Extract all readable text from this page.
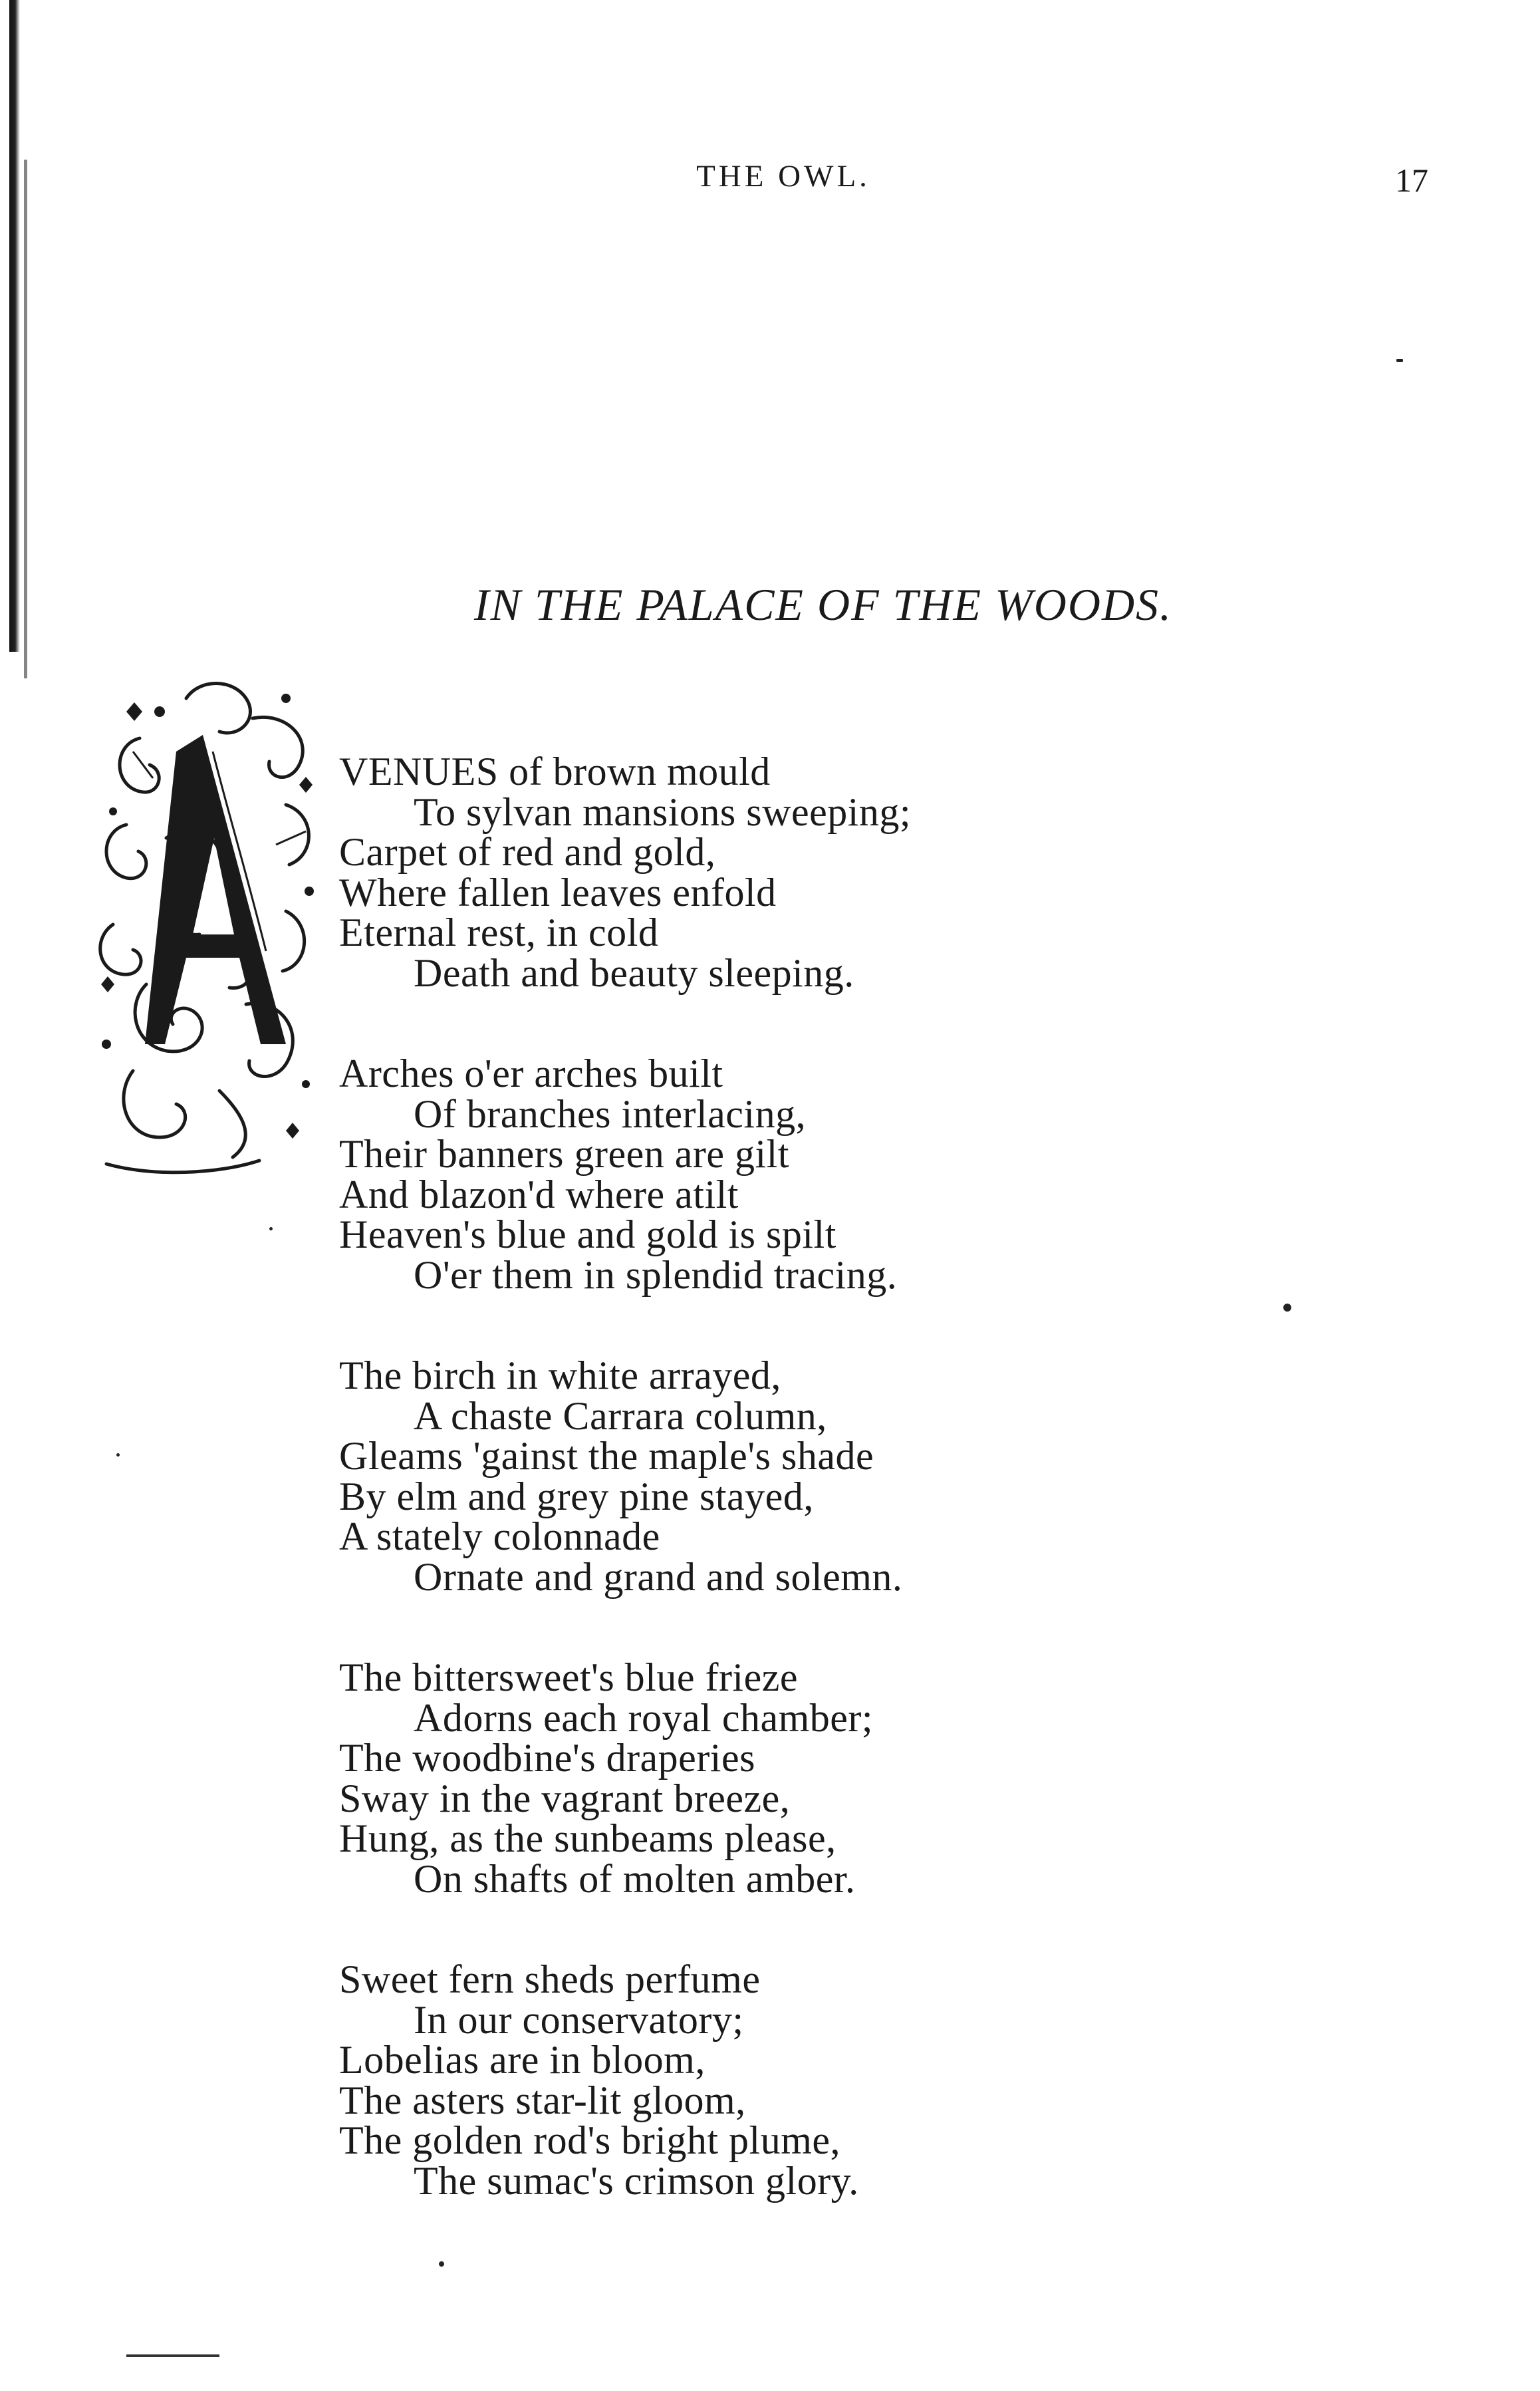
THE OWL.	17
IN THE PALACE OF THE WOODS.
VENUES of brown mould
To sylvan mansions sweeping;
Carpet of red and gold,
Where fallen leaves enfold
Eternal rest, in cold
Death and beauty sleeping.
Arches o'er arches built
Of branches interlacing,
Their banners green are gilt
And blazon'd where atilt
Heaven's blue and gold is spilt
O'er them in splendid tracing.
The birch in white arrayed,
A chaste Carrara column,
Gleams 'gainst the maple's shade
By elm and grey pine stayed,
A stately colonnade
Ornate and grand and solemn.
The bittersweet's blue frieze
Adorns each royal chamber;
The woodbine's draperies
Sway in the vagrant breeze,
Hung, as the sunbeams please,
On shafts of molten amber.
Sweet fern sheds perfume
In our conservatory;
Lobelias are in bloom,
The asters star-lit gloom,
The golden rod's bright plume,
The sumac's crimson glory.
